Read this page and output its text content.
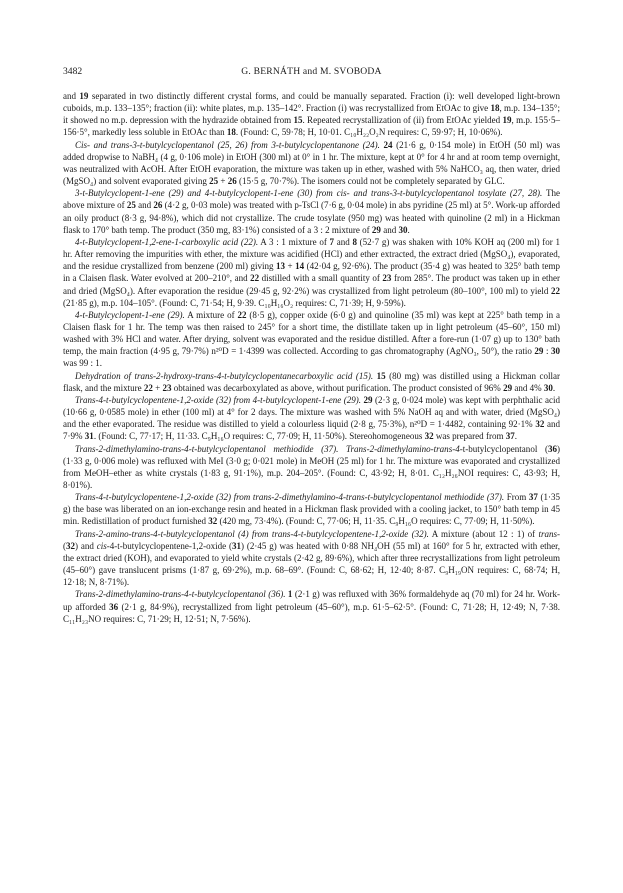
3482	G. BERNÁTH and M. SVOBODA

and 19 separated in two distinctly different crystal forms, and could be manually separated. Fraction (i): well developed light-brown cuboids, m.p. 133–135°; fraction (ii): white plates, m.p. 135–142°. Fraction (i) was recrystallized from EtOAc to give 18, m.p. 134–135°; it showed no m.p. depression with the hydrazide obtained from 15. Repeated recrystallization of (ii) from EtOAc yielded 19, m.p. 155·5–156·5°, markedly less soluble in EtOAc than 18. (Found: C, 59·78; H, 10·01. C₁₀H₂₂O₂N requires: C, 59·97; H, 10·06%).

Cis- and trans-3-t-butylcyclopentanol (25, 26) from 3-t-butylcyclopentanone (24). 24 (21·6 g, 0·154 mole) in EtOH (50 ml) was added dropwise to NaBH₄ (4 g, 0·106 mole) in EtOH (300 ml) at 0° in 1 hr. The mixture, kept at 0° for 4 hr and at room temp overnight, was neutralized with AcOH. After EtOH evaporation, the mixture was taken up in ether, washed with 5% NaHCO₃ aq, then water, dried (MgSO₄) and solvent evaporated giving 25 + 26 (15·5 g, 70·7%). The isomers could not be completely separated by GLC.

3-t-Butylcyclopent-1-ene (29) and 4-t-butylcyclopent-1-ene (30) from cis- and trans-3-t-butylcyclopentanol tosylate (27, 28). The above mixture of 25 and 26 (4·2 g, 0·03 mole) was treated with p-TsCl (7·6 g, 0·04 mole) in abs pyridine (25 ml) at 5°. Work-up afforded an oily product (8·3 g, 94·8%), which did not crystallize. The crude tosylate (950 mg) was heated with quinoline (2 ml) in a Hickman flask to 170° bath temp. The product (350 mg, 83·1%) consisted of a 3 : 2 mixture of 29 and 30.

4-t-Butylcyclopent-1,2-ene-1-carboxylic acid (22). A 3 : 1 mixture of 7 and 8 (52·7 g) was shaken with 10% KOH aq (200 ml) for 1 hr. After removing the impurities with ether, the mixture was acidified (HCl) and ether extracted, the extract dried (MgSO₄), evaporated, and the residue crystallized from benzene (200 ml) giving 13 + 14 (42·04 g, 92·6%). The product (35·4 g) was heated to 325° bath temp in a Claisen flask. Water evolved at 200–210°, and 22 distilled with a small quantity of 23 from 285°. The product was taken up in ether and dried (MgSO₄). After evaporation the residue (29·45 g, 92·2%) was crystallized from light petroleum (80–100°, 100 ml) to yield 22 (21·85 g), m.p. 104–105°. (Found: C, 71·54; H, 9·39. C₁₀H₁₆O₂ requires: C, 71·39; H, 9·59%).

4-t-Butylcyclopent-1-ene (29). A mixture of 22 (8·5 g), copper oxide (6·0 g) and quinoline (35 ml) was kept at 225° bath temp in a Claisen flask for 1 hr. The temp was then raised to 245° for a short time, the distillate taken up in light petroleum (45–60°, 150 ml) washed with 3% HCl and water. After drying, solvent was evaporated and the residue distilled. After a fore-run (1·07 g) up to 130° bath temp, the main fraction (4·95 g, 79·7%) n²⁰D = 1·4399 was collected. According to gas chromatography (AgNO₃, 50°), the ratio 29 : 30 was 99 : 1.

Dehydration of trans-2-hydroxy-trans-4-t-butylcyclopentanecarboxylic acid (15). 15 (80 mg) was distilled using a Hickman collar flask, and the mixture 22 + 23 obtained was decarboxylated as above, without purification. The product consisted of 96% 29 and 4% 30.

Trans-4-t-butylcyclopentene-1,2-oxide (32) from 4-t-butylcyclopent-1-ene (29). 29 (2·3 g, 0·024 mole) was kept with perphthalic acid (10·66 g, 0·0585 mole) in ether (100 ml) at 4° for 2 days. The mixture was washed with 5% NaOH aq and with water, dried (MgSO₄) and the ether evaporated. The residue was distilled to yield a colourless liquid (2·8 g, 75·3%), n²⁰D = 1·4482, containing 92·1% 32 and 7·9% 31. (Found: C, 77·17; H, 11·33. C₉H₁₆O requires: C, 77·09; H, 11·50%). Stereohomogeneous 32 was prepared from 37.

Trans-2-dimethylamino-trans-4-t-butylcyclopentanol methiodide (37). Trans-2-dimethylamino-trans-4-t-butylcyclopentanol (36) (1·33 g, 0·006 mole) was refluxed with MeI (3·0 g; 0·021 mole) in MeOH (25 ml) for 1 hr. The mixture was evaporated and crystallized from MeOH–ether as white crystals (1·83 g, 91·1%), m.p. 204–205°. (Found: C, 43·92; H, 8·01. C₁₂H₂₆NOI requires: C, 43·93; H, 8·01%).

Trans-4-t-butylcyclopentene-1,2-oxide (32) from trans-2-dimethylamino-4-trans-t-butylcyclopentanol methiodide (37). From 37 (1·35 g) the base was liberated on an ion-exchange resin and heated in a Hickman flask provided with a cooling jacket, to 150° bath temp in 45 min. Redistillation of product furnished 32 (420 mg, 73·4%). (Found: C, 77·06; H, 11·35. C₉H₁₆O requires: C, 77·09; H, 11·50%).

Trans-2-amino-trans-4-t-butylcyclopentanol (4) from trans-4-t-butylcyclopentene-1,2-oxide (32). A mixture (about 12 : 1) of trans- (32) and cis-4-t-butylcyclopentene-1,2-oxide (31) (2·45 g) was heated with 0·88 NH₄OH (55 ml) at 160° for 5 hr, extracted with ether, the extract dried (KOH), and evaporated to yield white crystals (2·42 g, 89·6%), which after three recrystallizations from light petroleum (45–60°) gave translucent prisms (1·87 g, 69·2%), m.p. 68–69°. (Found: C, 68·62; H, 12·40; 8·87. C₉H₁₉ON requires: C, 68·74; H, 12·18; N, 8·71%).

Trans-2-dimethylamino-trans-4-t-butylcyclopentanol (36). 1 (2·1 g) was refluxed with 36% formaldehyde aq (70 ml) for 24 hr. Work-up afforded 36 (2·1 g, 84·9%), recrystallized from light petroleum (45–60°), m.p. 61·5–62·5°. (Found: C, 71·28; H, 12·49; N, 7·38. C₁₁H₂₃NO requires: C, 71·29; H, 12·51; N, 7·56%).
